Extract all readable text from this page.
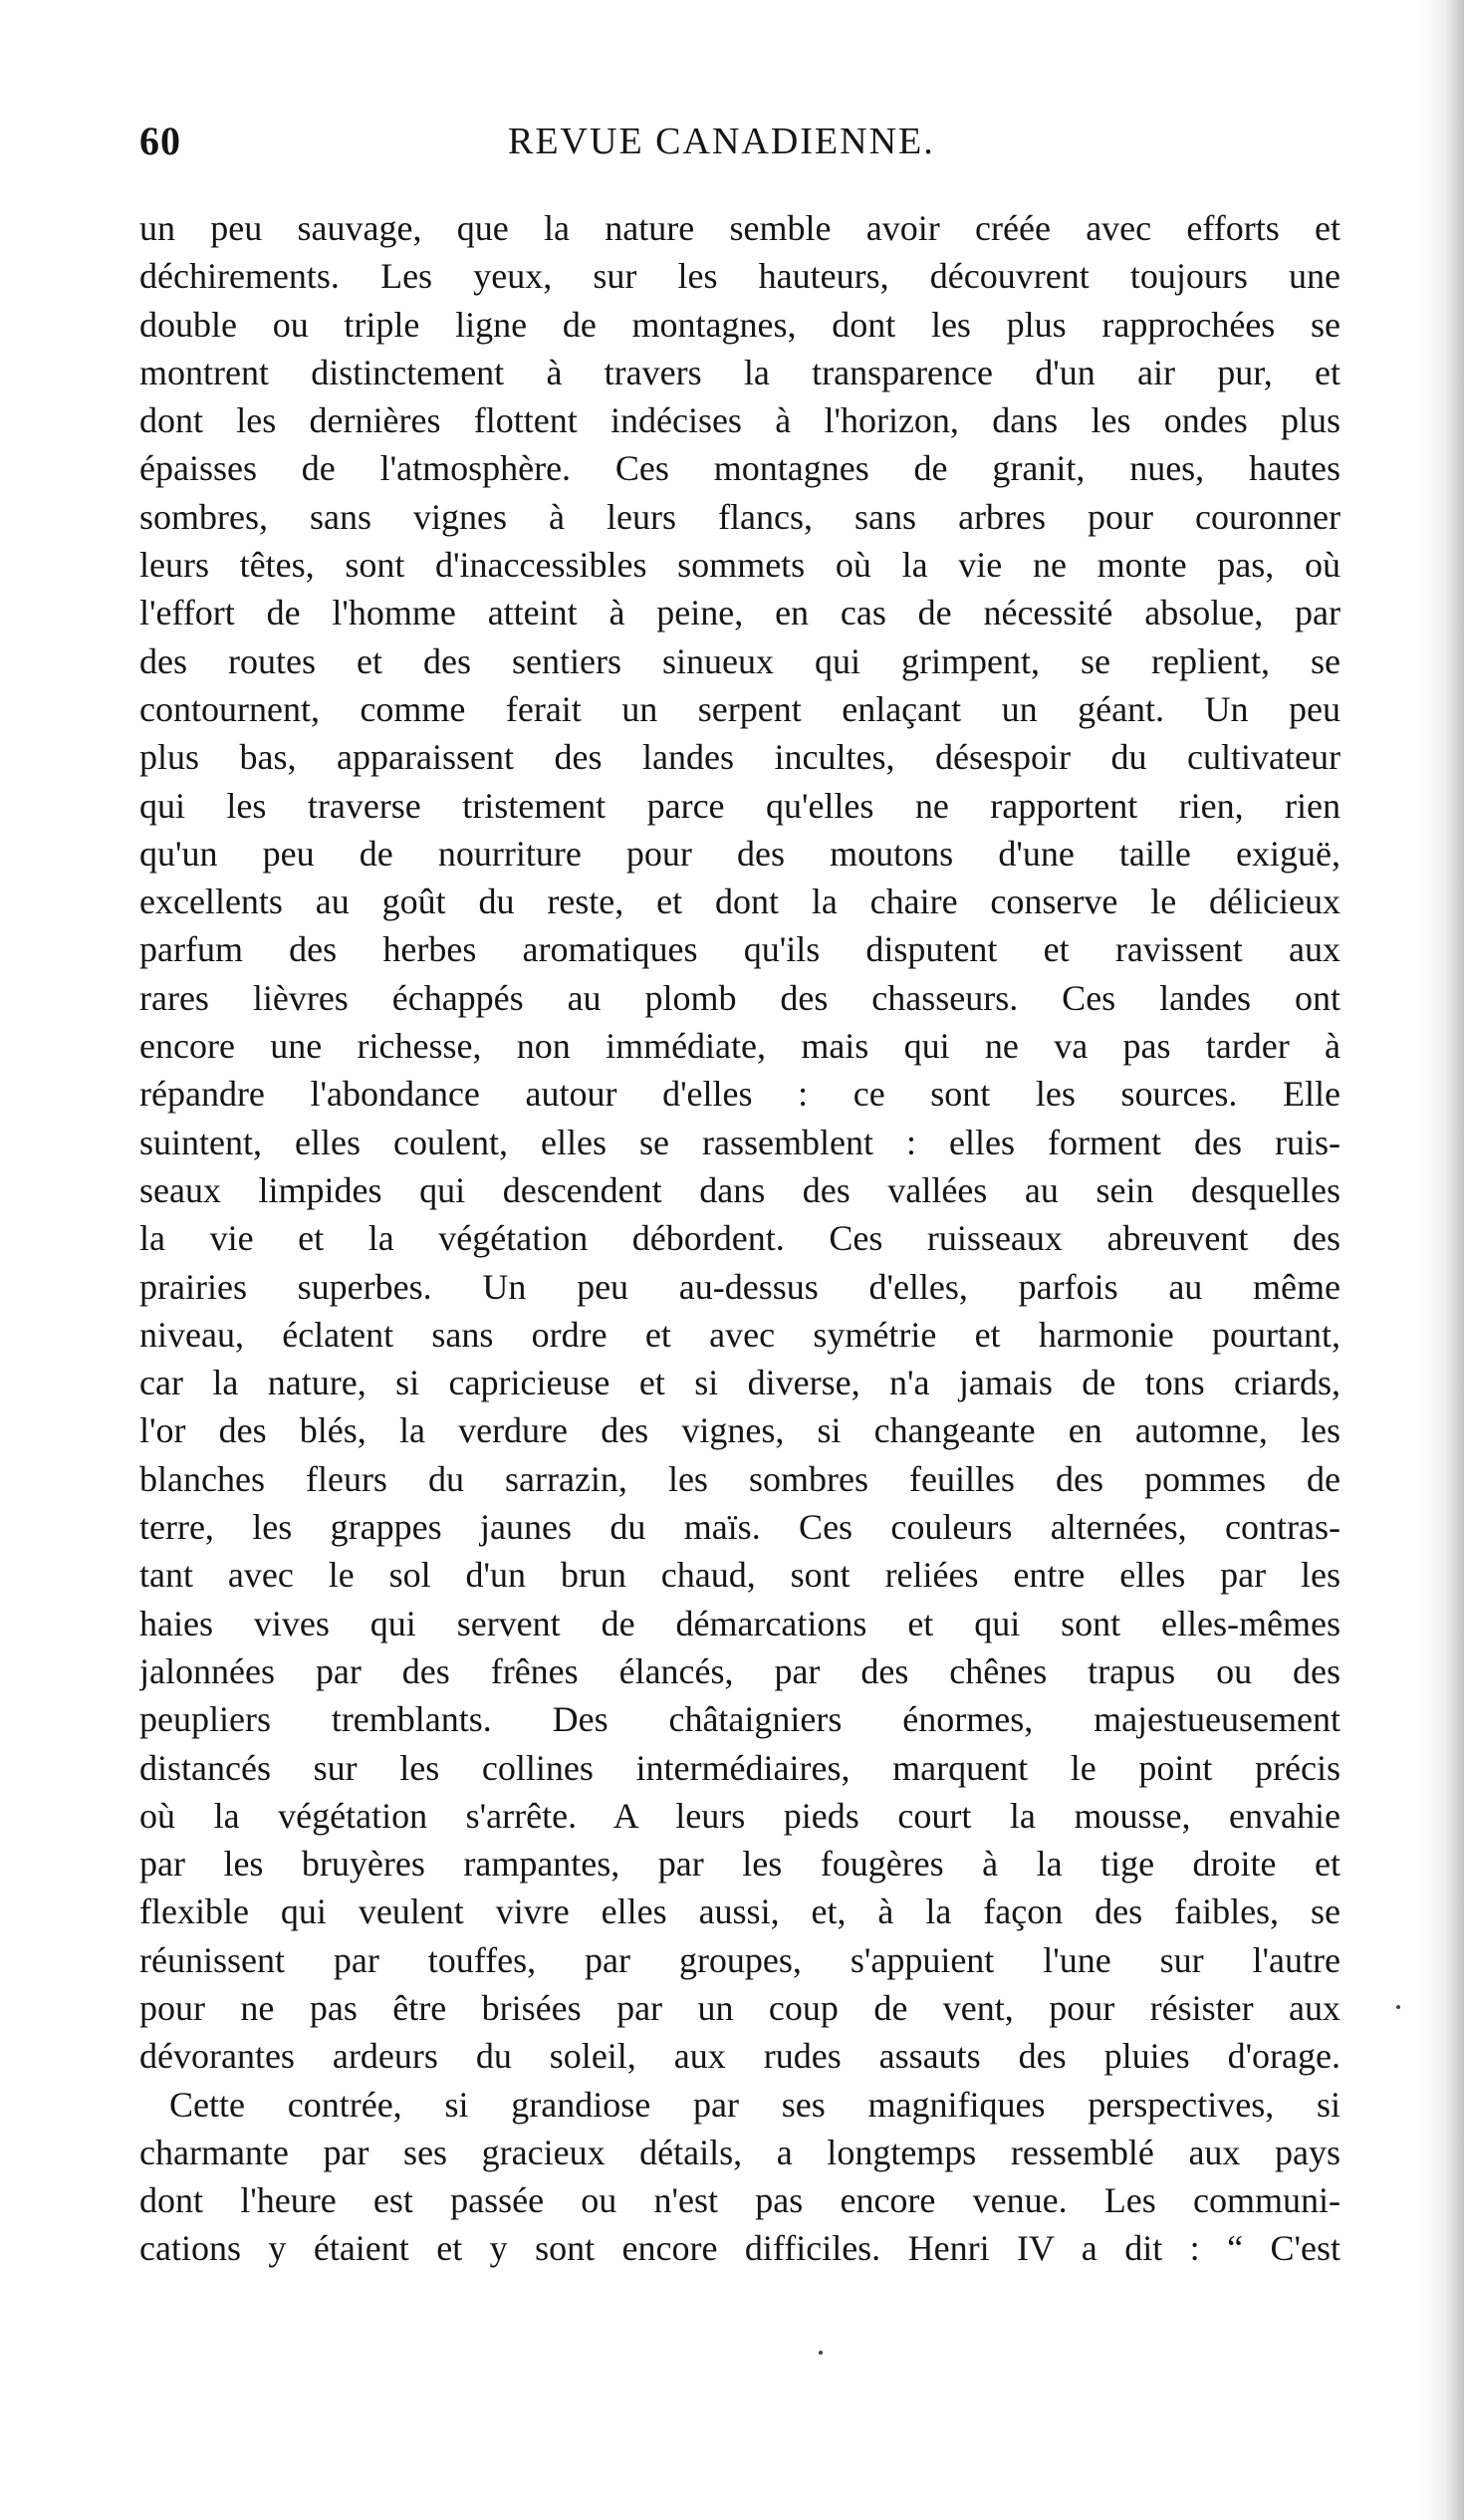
60	REVUE CANADIENNE.
un peu sauvage, que la nature semble avoir créée avec efforts et
déchirements. Les yeux, sur les hauteurs, découvrent toujours une
double ou triple ligne de montagnes, dont les plus rapprochées se
montrent distinctement à travers la transparence d'un air pur, et
dont les dernières flottent indécises à l'horizon, dans les ondes plus
épaisses de l'atmosphère. Ces montagnes de granit, nues, hautes
sombres, sans vignes à leurs flancs, sans arbres pour couronner
leurs têtes, sont d'inaccessibles sommets où la vie ne monte pas, où
l'effort de l'homme atteint à peine, en cas de nécessité absolue, par
des routes et des sentiers sinueux qui grimpent, se replient, se
contournent, comme ferait un serpent enlaçant un géant. Un peu
plus bas, apparaissent des landes incultes, désespoir du cultivateur
qui les traverse tristement parce qu'elles ne rapportent rien, rien
qu'un peu de nourriture pour des moutons d'une taille exiguë,
excellents au goût du reste, et dont la chaire conserve le délicieux
parfum des herbes aromatiques qu'ils disputent et ravissent aux
rares lièvres échappés au plomb des chasseurs. Ces landes ont
encore une richesse, non immédiate, mais qui ne va pas tarder à
répandre l'abondance autour d'elles : ce sont les sources. Elle
suintent, elles coulent, elles se rassemblent : elles forment des ruis-
seaux limpides qui descendent dans des vallées au sein desquelles
la vie et la végétation débordent. Ces ruisseaux abreuvent des
prairies superbes. Un peu au-dessus d'elles, parfois au même
niveau, éclatent sans ordre et avec symétrie et harmonie pourtant,
car la nature, si capricieuse et si diverse, n'a jamais de tons criards,
l'or des blés, la verdure des vignes, si changeante en automne, les
blanches fleurs du sarrazin, les sombres feuilles des pommes de
terre, les grappes jaunes du maïs. Ces couleurs alternées, contras-
tant avec le sol d'un brun chaud, sont reliées entre elles par les
haies vives qui servent de démarcations et qui sont elles-mêmes
jalonnées par des frênes élancés, par des chênes trapus ou des
peupliers tremblants. Des châtaigniers énormes, majestueusement
distancés sur les collines intermédiaires, marquent le point précis
où la végétation s'arrête. A leurs pieds court la mousse, envahie
par les bruyères rampantes, par les fougères à la tige droite et
flexible qui veulent vivre elles aussi, et, à la façon des faibles, se
réunissent par touffes, par groupes, s'appuient l'une sur l'autre
pour ne pas être brisées par un coup de vent, pour résister aux
dévorantes ardeurs du soleil, aux rudes assauts des pluies d'orage.
Cette contrée, si grandiose par ses magnifiques perspectives, si
charmante par ses gracieux détails, a longtemps ressemblé aux pays
dont l'heure est passée ou n'est pas encore venue. Les communi-
cations y étaient et y sont encore difficiles. Henri IV a dit : “ C'est
